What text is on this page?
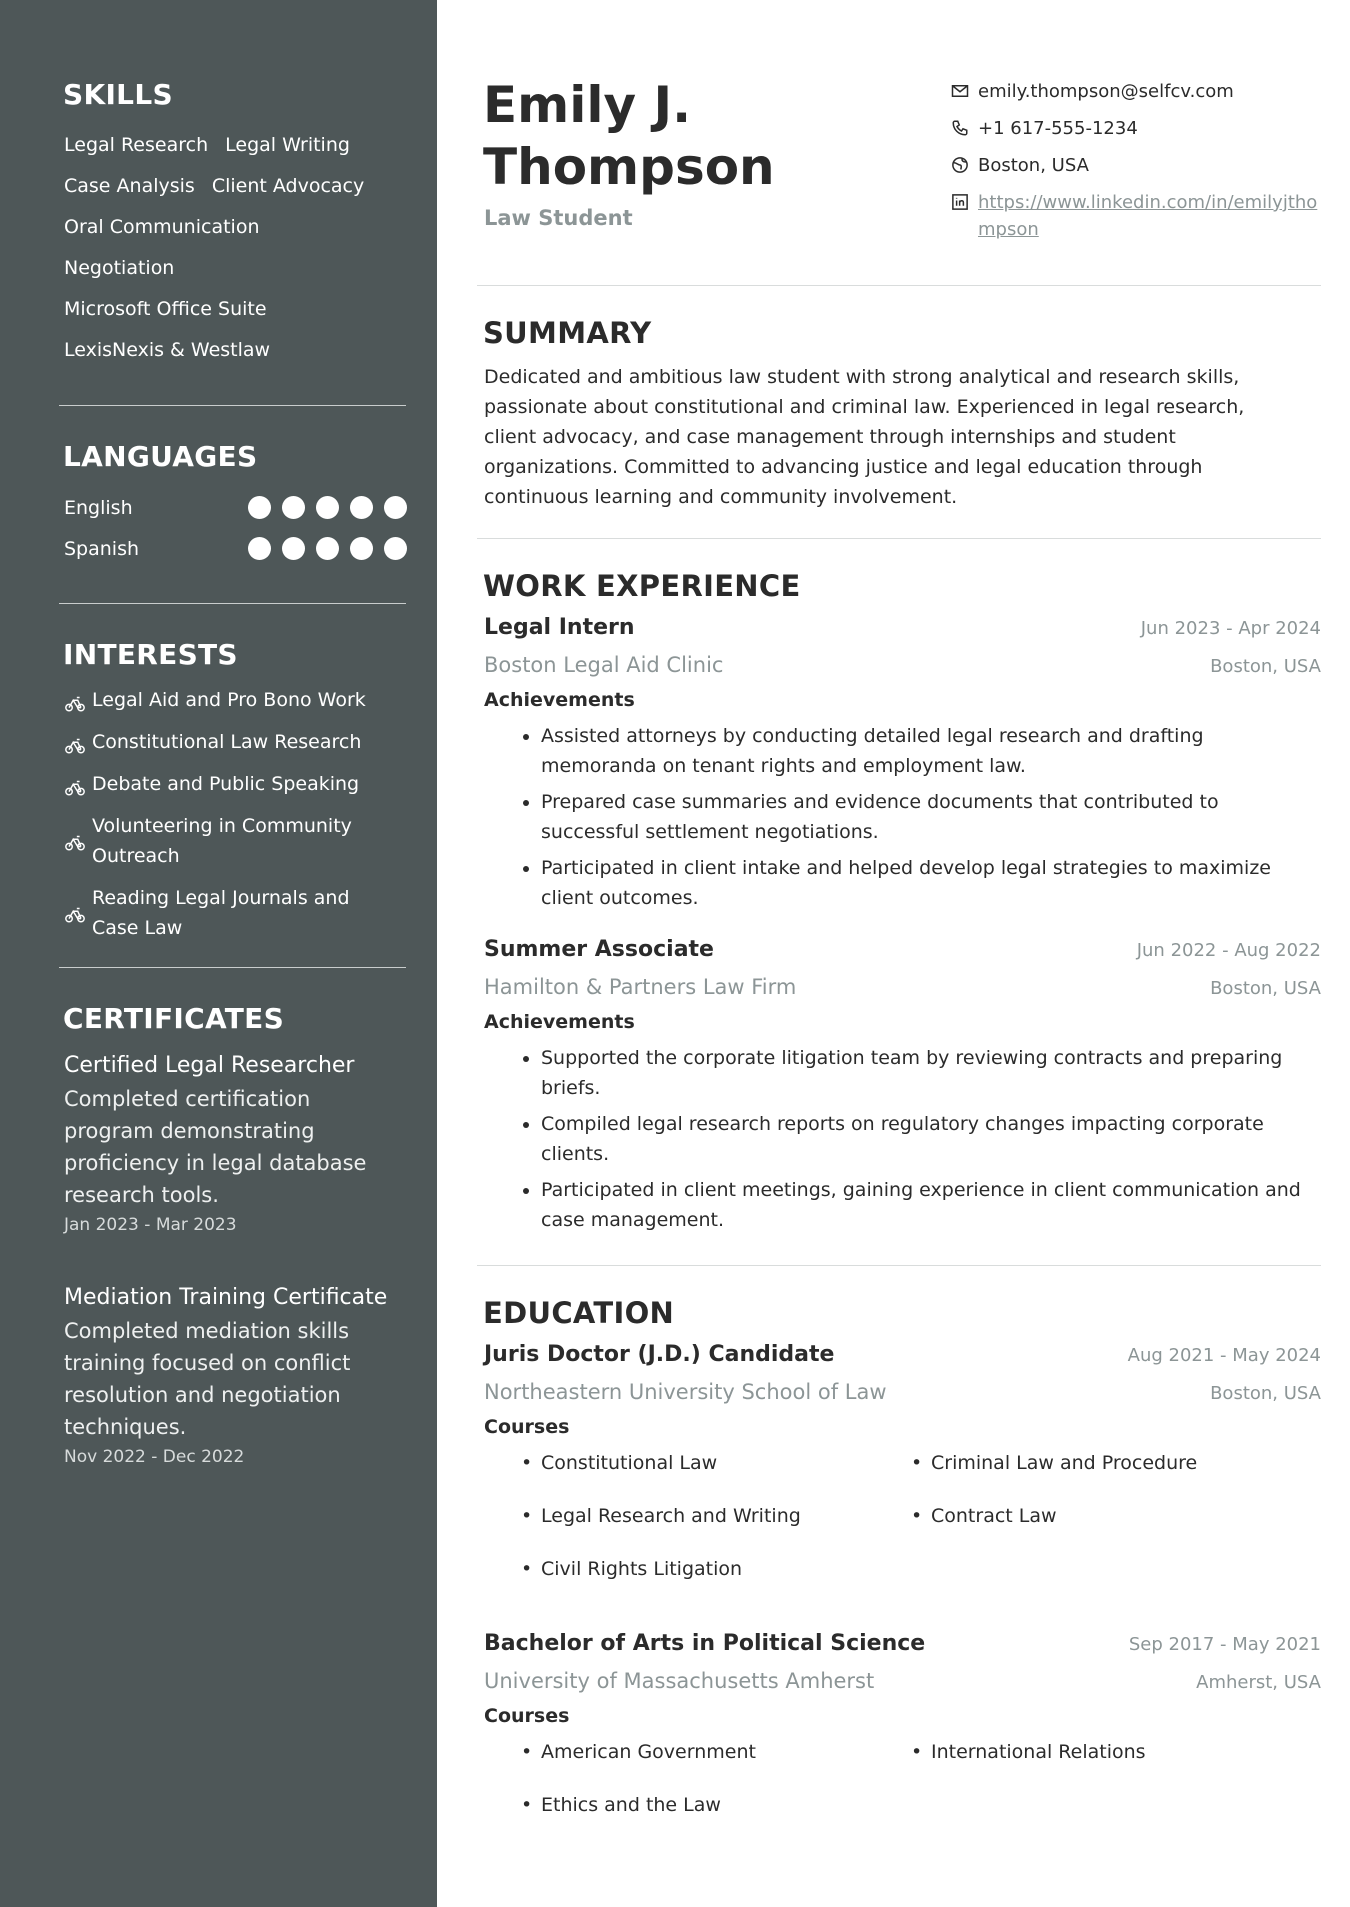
SKILLS
Legal Research Legal Writing
Case Analysis Client Advocacy
Oral Communication
Negotiation
Microsoft Office Suite
LexisNexis & Westlaw
LANGUAGES
English
Spanish
INTERESTS
Legal Aid and Pro Bono Work
Constitutional Law Research
Debate and Public Speaking
Volunteering in Community Outreach
Reading Legal Journals and Case Law
CERTIFICATES
Certified Legal Researcher
Completed certification program demonstrating proficiency in legal database research tools.
Jan 2023 - Mar 2023
Mediation Training Certificate
Completed mediation skills training focused on conflict resolution and negotiation techniques.
Nov 2022 - Dec 2022
Emily J.
Thompson
Law Student
emily.thompson@selfcv.com
+1 617-555-1234
Boston, USA
https://www.linkedin.com/in/emilyjthompson
SUMMARY
Dedicated and ambitious law student with strong analytical and research skills, passionate about constitutional and criminal law. Experienced in legal research, client advocacy, and case management through internships and student organizations. Committed to advancing justice and legal education through continuous learning and community involvement.
WORK EXPERIENCE
Legal Intern	Jun 2023 - Apr 2024
Boston Legal Aid Clinic	Boston, USA
Achievements
• Assisted attorneys by conducting detailed legal research and drafting memoranda on tenant rights and employment law.
• Prepared case summaries and evidence documents that contributed to successful settlement negotiations.
• Participated in client intake and helped develop legal strategies to maximize client outcomes.
Summer Associate	Jun 2022 - Aug 2022
Hamilton & Partners Law Firm	Boston, USA
Achievements
• Supported the corporate litigation team by reviewing contracts and preparing briefs.
• Compiled legal research reports on regulatory changes impacting corporate clients.
• Participated in client meetings, gaining experience in client communication and case management.
EDUCATION
Juris Doctor (J.D.) Candidate	Aug 2021 - May 2024
Northeastern University School of Law	Boston, USA
Courses
• Constitutional Law	• Criminal Law and Procedure
• Legal Research and Writing	• Contract Law
• Civil Rights Litigation
Bachelor of Arts in Political Science	Sep 2017 - May 2021
University of Massachusetts Amherst	Amherst, USA
Courses
• American Government	• International Relations
• Ethics and the Law
